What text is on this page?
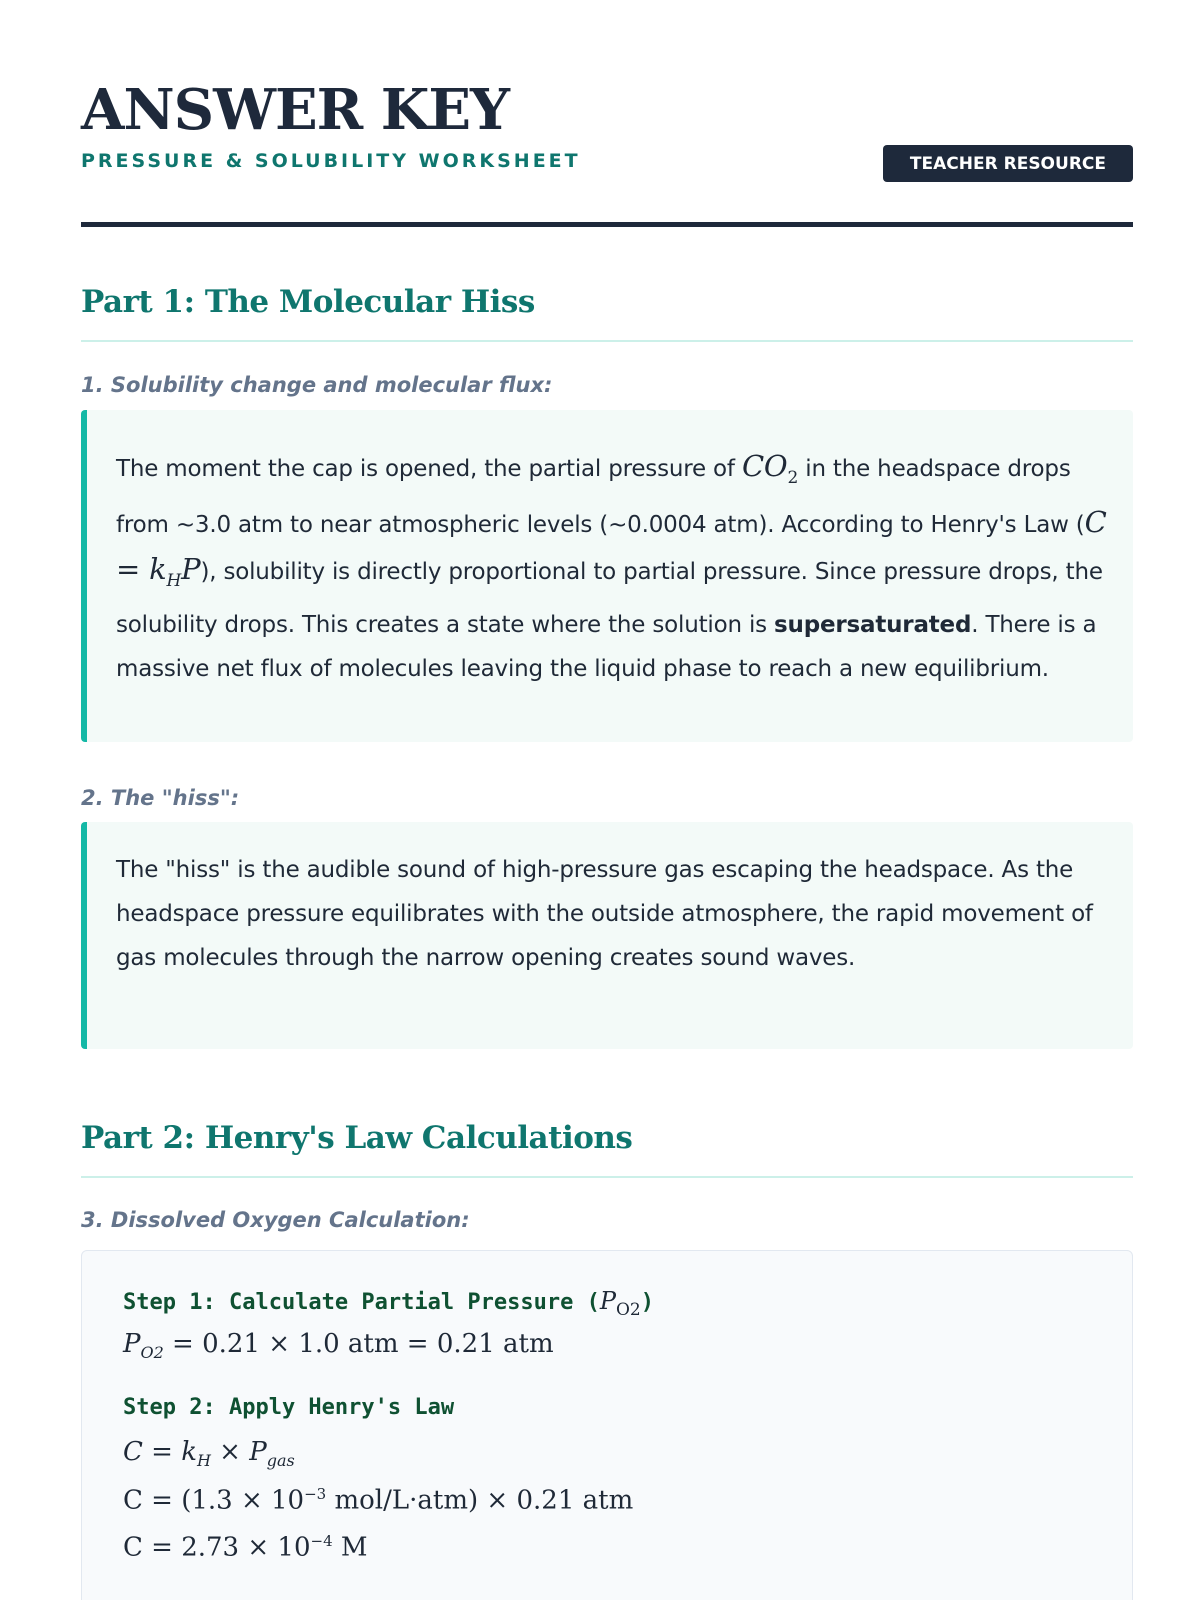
ANSWER KEY
PRESSURE & SOLUBILITY WORKSHEET	TEACHER RESOURCE
Part 1: The Molecular Hiss
1. Solubility change and molecular flux:

The moment the cap is opened, the partial pressure of $CO_2$ in the headspace drops from ~3.0 atm to near atmospheric levels (~0.0004 atm). According to Henry's Law $(C = k_HP)$, solubility is directly proportional to partial pressure. Since pressure drops, the solubility drops. This creates a state where the solution is supersaturated. There is a massive net flux of molecules leaving the liquid phase to reach a new equilibrium.

2. The "hiss":

The "hiss" is the audible sound of high-pressure gas escaping the headspace. As the headspace pressure equilibrates with the outside atmosphere, the rapid movement of gas molecules through the narrow opening creates sound waves.

Part 2: Henry's Law Calculations
3. Dissolved Oxygen Calculation:
Step 1: Calculate Partial Pressure $(P_{O2})$
$P_{O2} = 0.21 \times 1.0$ atm = 0.21 atm
Step 2: Apply Henry's Law
$C = k_H \times P_{gas}$
$C = (1.3 \times 10^{-3}$ mol/L·atm) × 0.21 atm
$C = 2.73 \times 10^{-4}$ M
